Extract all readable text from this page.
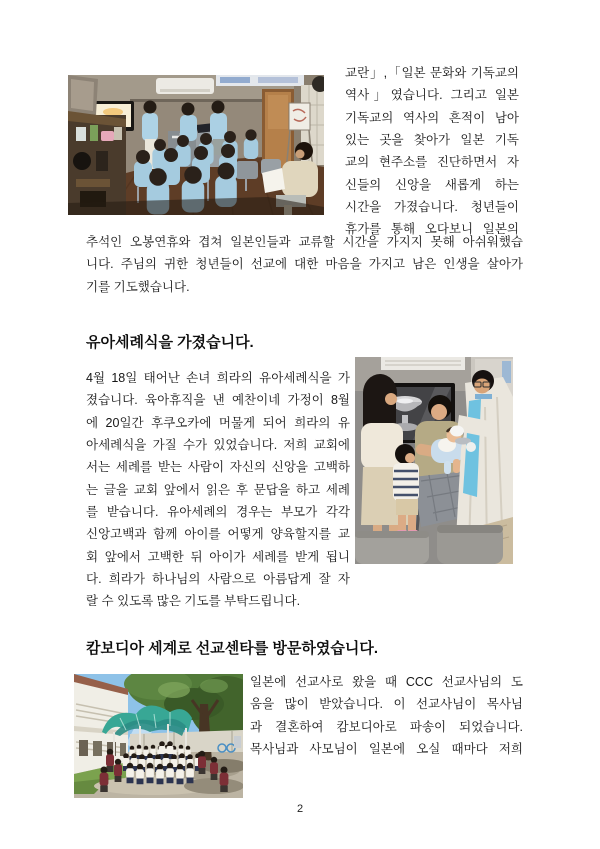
교란」,「일본 문화와 기독교의
역사」였습니다. 그리고 일본
기독교의 역사의 흔적이 남아
있는 곳을 찾아가 일본 기독
교의 현주소를 진단하면서 자
신들의 신앙을 새롭게 하는
시간을 가졌습니다. 청년들이
휴가를 통해 오다보니 일본의
추석인 오봉연휴와 겹쳐 일본인들과 교류할 시간을 가지지 못해 아쉬워했습
니다. 주님의 귀한 청년들이 선교에 대한 마음을 가지고 남은 인생을 살아가
기를 기도했습니다.
유아세례식을 가졌습니다.
4월 18일 태어난 손녀 희라의 유아세례식을 가
졌습니다. 육아휴직을 낸 예찬이네 가정이 8월
에 20일간 후쿠오카에 머물게 되어 희라의 유
아세례식을 가질 수가 있었습니다. 저희 교회에
서는 세례를 받는 사람이 자신의 신앙을 고백하
는 글을 교회 앞에서 읽은 후 문답을 하고 세례
를 받습니다. 유아세례의 경우는 부모가 각각
신앙고백과 함께 아이를 어떻게 양육할지를 교
회 앞에서 고백한 뒤 아이가 세례를 받게 됩니
다. 희라가 하나님의 사람으로 아름답게 잘 자
랄 수 있도록 많은 기도를 부탁드립니다.
캄보디아 세계로 선교센타를 방문하였습니다.
일본에 선교사로 왔을 때 CCC 선교사님의 도
움을 많이 받았습니다. 이 선교사님이 목사님
과 결혼하여 캄보디아로 파송이 되었습니다.
목사님과 사모님이 일본에 오실 때마다 저희
2
